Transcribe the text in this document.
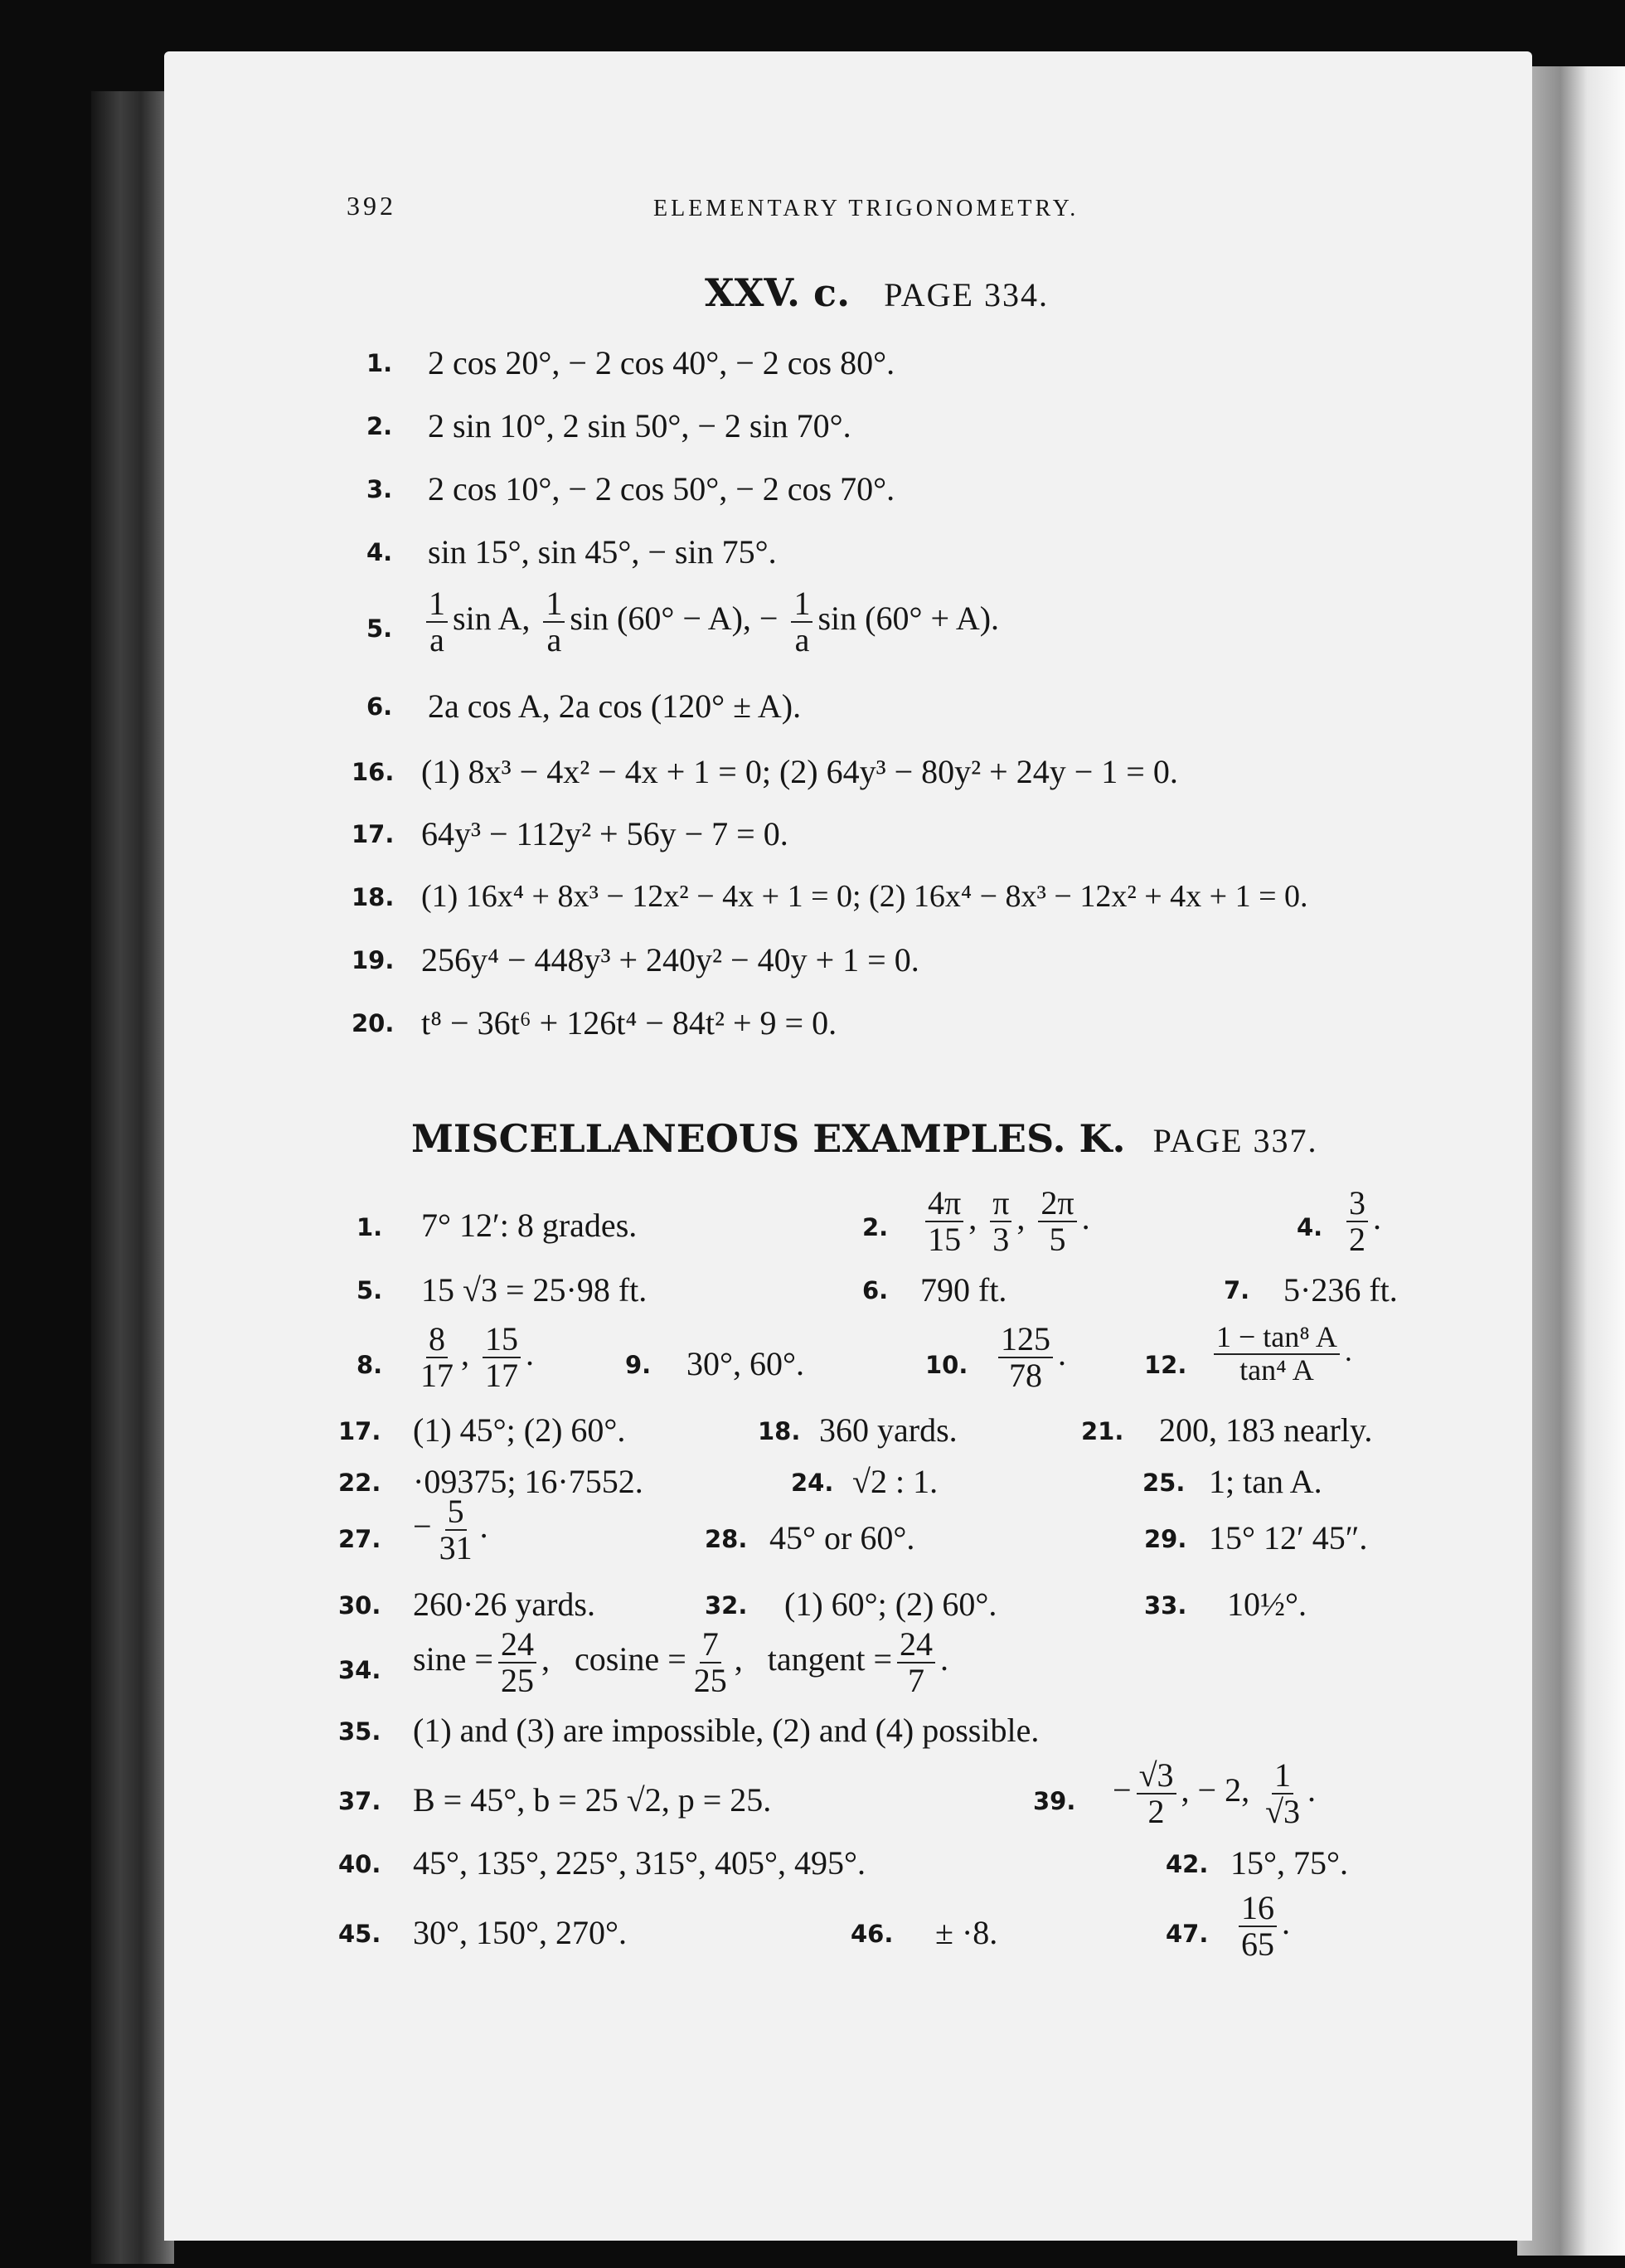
392	ELEMENTARY TRIGONOMETRY.
XXV. c. PAGE 334.
1. 2 cos 20°, − 2 cos 40°, − 2 cos 80°.
2. 2 sin 10°, 2 sin 50°, − 2 sin 70°.
3. 2 cos 10°, − 2 cos 50°, − 2 cos 70°.
4. sin 15°, sin 45°, − sin 75°.
5. $\frac{1}{a}$ sin A, $\frac{1}{a}$ sin (60° − A), − $\frac{1}{a}$ sin (60° + A).
6. 2a cos A, 2a cos (120° ± A).
16. (1) 8x³ − 4x² − 4x + 1 = 0; (2) 64y³ − 80y² + 24y − 1 = 0.
17. 64y³ − 112y² + 56y − 7 = 0.
18. (1) 16x⁴ + 8x³ − 12x² − 4x + 1 = 0; (2) 16x⁴ − 8x³ − 12x² + 4x + 1 = 0.
19. 256y⁴ − 448y³ + 240y² − 40y + 1 = 0.
20. t⁸ − 36t⁶ + 126t⁴ − 84t² + 9 = 0.
MISCELLANEOUS EXAMPLES. K. PAGE 337.
1. 7° 12′: 8 grades.	2. $\frac{4\pi}{15}$ , $\frac{\pi}{3}$ , $\frac{2\pi}{5}$ .	4. $\frac{3}{2}$ .
5. 15 √3 = 25·98 ft.	6. 790 ft.	7. 5·236 ft.
8. $\frac{8}{17}$ , $\frac{15}{17}$ .	9. 30°, 60°.	10. $\frac{125}{78}$ .	12. $\frac{\text{1 − tan⁸ A}}{\text{tan⁴ A}}$ .
17. (1) 45°; (2) 60°.	18. 360 yards.	21. 200, 183 nearly.
22. ·09375; 16·7552.	24. √2 : 1.	25. 1; tan A.
27. − $\frac{5}{31}$ .	28. 45° or 60°.	29. 15° 12′ 45″.
30. 260·26 yards.	32. (1) 60°; (2) 60°.	33. 10½°.
34. $\sin e = \frac{24}{25}$ ,   $cosine = \frac{7}{25}$ ,   tangent = $\frac{24}{7}$ .
35. (1) and (3) are impossible, (2) and (4) possible.
37. B = 45°, b = 25 √2, p = 25.	39. − $\frac{√3}{2}$ , − 2, $\frac{1}{√3}$ .
40. 45°, 135°, 225°, 315°, 405°, 495°.	42. 15°, 75°.
45. 30°, 150°, 270°.	46. ± ·8.	47. $\frac{16}{65}$ .
